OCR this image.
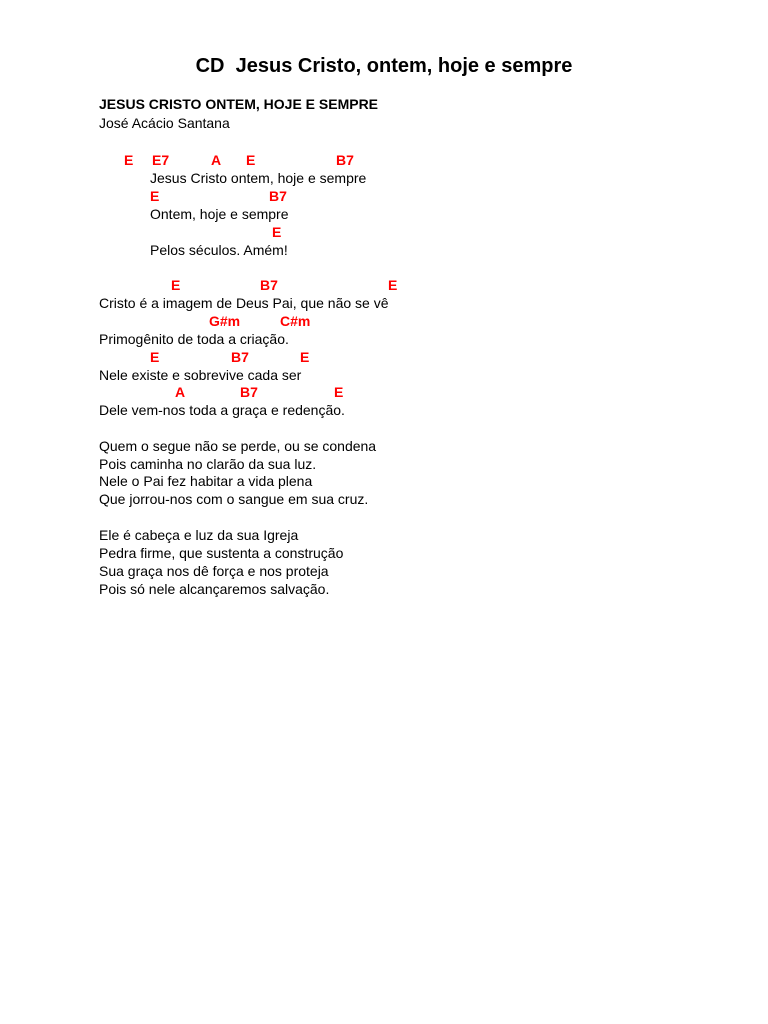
CD  Jesus Cristo, ontem, hoje e sempre
JESUS CRISTO ONTEM, HOJE E SEMPRE
José Acácio Santana
E E7	A E	B7
Jesus Cristo ontem, hoje e sempre
E	B7
Ontem, hoje e sempre
E
Pelos séculos. Amém!
E	B7	E
Cristo é a imagem de Deus Pai, que não se vê
G#m	C#m
Primogênito de toda a criação.
E	B7	E
Nele existe e sobrevive cada ser
A	B7	E
Dele vem-nos toda a graça e redenção.
Quem o segue não se perde, ou se condena
Pois caminha no clarão da sua luz.
Nele o Pai fez habitar a vida plena
Que jorrou-nos com o sangue em sua cruz.
Ele é cabeça e luz da sua Igreja
Pedra firme, que sustenta a construção
Sua graça nos dê força e nos proteja
Pois só nele alcançaremos salvação.
